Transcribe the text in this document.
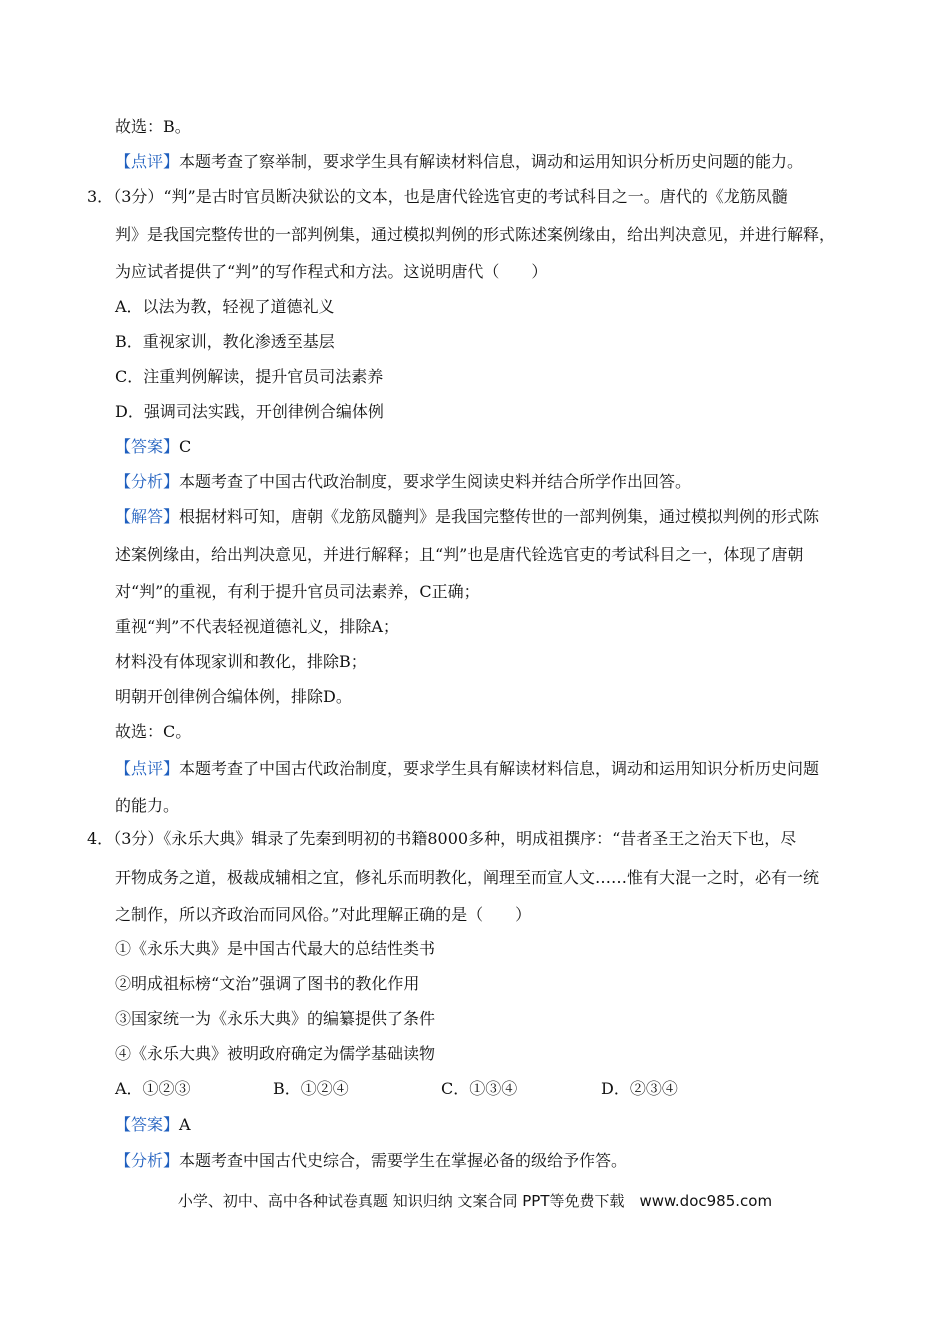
故选：B。
【点评】本题考查了察举制，要求学生具有解读材料信息，调动和运用知识分析历史问题的能力。
3．（3分）“判”是古时官员断决狱讼的文本，也是唐代铨选官吏的考试科目之一。唐代的《龙筋凤髓
判》是我国完整传世的一部判例集，通过模拟判例的形式陈述案例缘由，给出判决意见，并进行解释，
为应试者提供了“判”的写作程式和方法。这说明唐代（　　）
A．以法为教，轻视了道德礼义
B．重视家训，教化渗透至基层
C．注重判例解读，提升官员司法素养
D．强调司法实践，开创律例合编体例
【答案】C
【分析】本题考查了中国古代政治制度，要求学生阅读史料并结合所学作出回答。
【解答】根据材料可知，唐朝《龙筋凤髓判》是我国完整传世的一部判例集，通过模拟判例的形式陈
述案例缘由，给出判决意见，并进行解释；且“判”也是唐代铨选官吏的考试科目之一，体现了唐朝
对“判”的重视，有利于提升官员司法素养，C正确；
重视“判”不代表轻视道德礼义，排除A；
材料没有体现家训和教化，排除B；
明朝开创律例合编体例，排除D。
故选：C。
【点评】本题考查了中国古代政治制度，要求学生具有解读材料信息，调动和运用知识分析历史问题
的能力。
4．（3分）《永乐大典》辑录了先秦到明初的书籍8000多种，明成祖撰序：“昔者圣王之治天下也，尽
开物成务之道，极裁成辅相之宜，修礼乐而明教化，阐理至而宣人文……惟有大混一之时，必有一统
之制作，所以齐政治而同风俗。”对此理解正确的是（　　）
①《永乐大典》是中国古代最大的总结性类书
②明成祖标榜“文治”强调了图书的教化作用
③国家统一为《永乐大典》的编纂提供了条件
④《永乐大典》被明政府确定为儒学基础读物
A．①②③	B．①②④	C．①③④	D．②③④
【答案】A
【分析】本题考查中国古代史综合，需要学生在掌握必备的级给予作答。
小学、初中、高中各种试卷真题 知识归纳 文案合同 PPT等免费下载　www.doc985.com
